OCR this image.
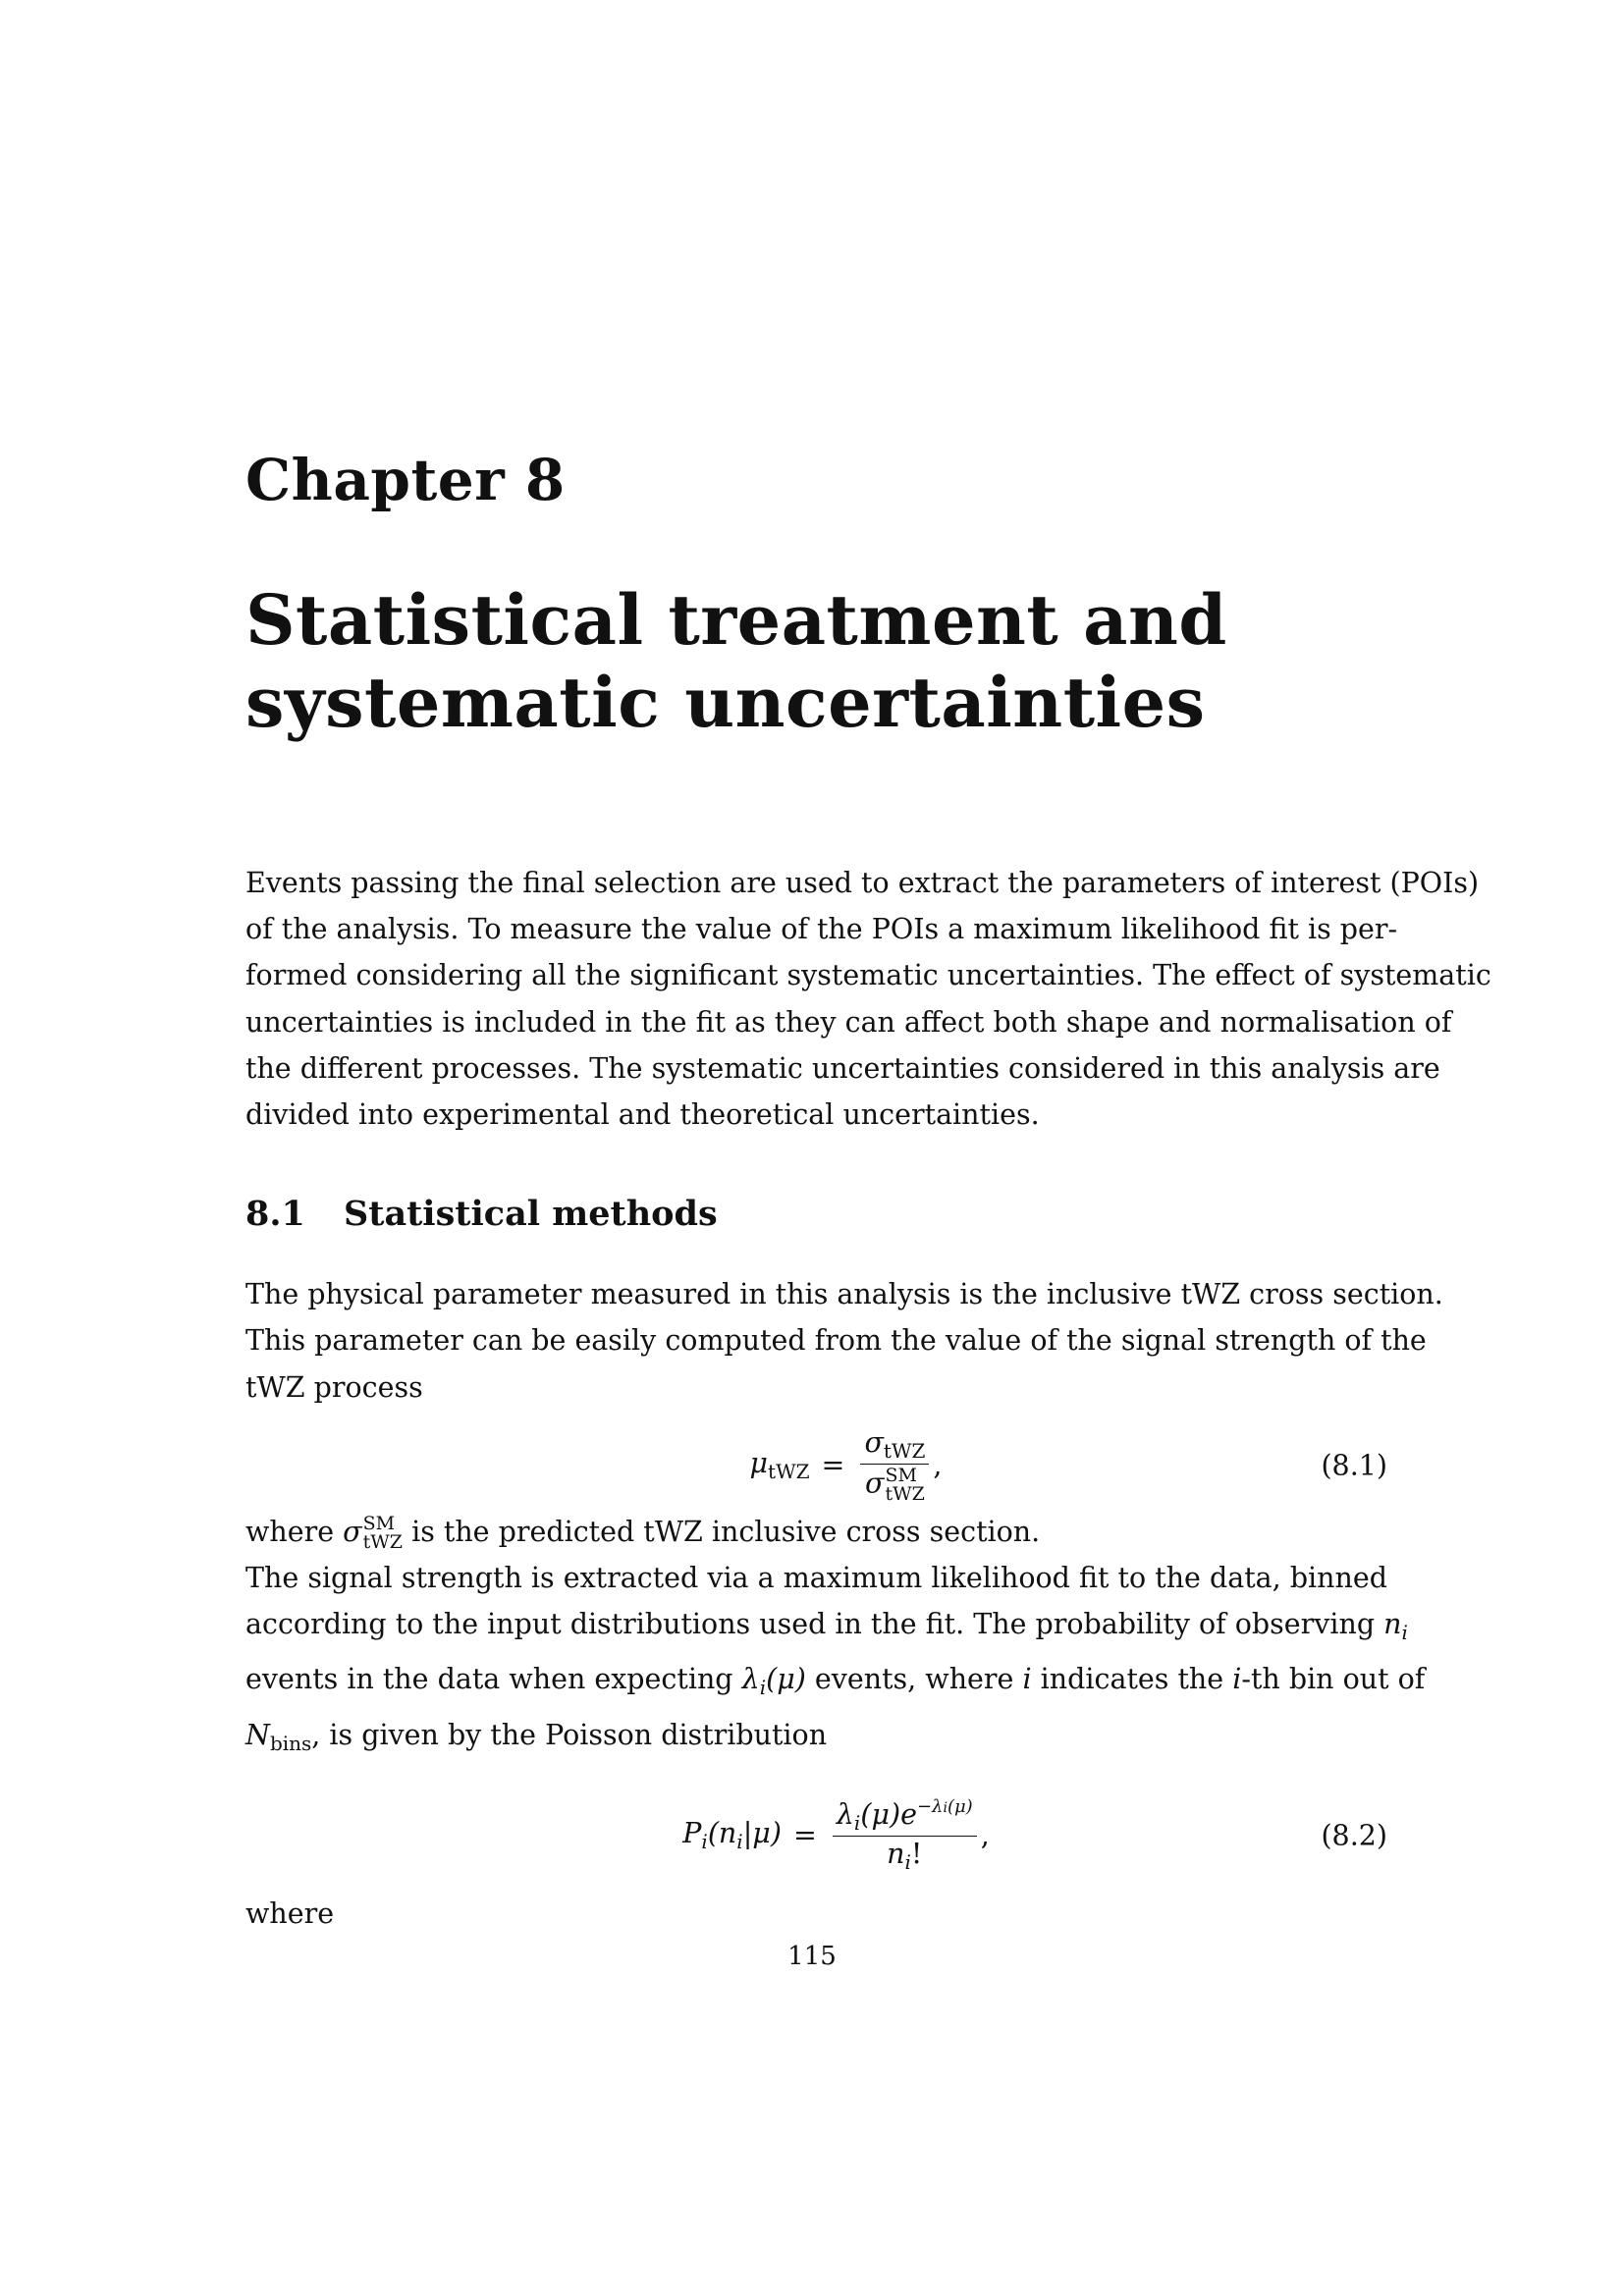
Chapter 8
Statistical treatment and
systematic uncertainties

Events passing the final selection are used to extract the parameters of interest (POIs)
of the analysis. To measure the value of the POIs a maximum likelihood fit is per-
formed considering all the significant systematic uncertainties. The effect of systematic
uncertainties is included in the fit as they can affect both shape and normalisation of
the different processes. The systematic uncertainties considered in this analysis are
divided into experimental and theoretical uncertainties.

8.1	Statistical methods

The physical parameter measured in this analysis is the inclusive tWZ cross section.
This parameter can be easily computed from the value of the signal strength of the
tWZ process

$\mu_{tWZ} = \sigma_{tWZ}$
σ SM
tWZ ,	(8.1)

where σ SM
tWZ is the predicted tWZ inclusive cross section.
The signal strength is extracted via a maximum likelihood fit to the data, binned
according to the input distributions used in the fit. The probability of observing $n_i$
events in the data when expecting $\lambda_i(\mu)$ events, where i indicates the i-th bin out of
$N_{bins}$, is given by the Poisson distribution

$P_i(n_i|\mu) = \frac{\lambda_i(\mu)e^{-\lambda i(\mu)}}{n_i!}$ ,	(8.2)

where

115
